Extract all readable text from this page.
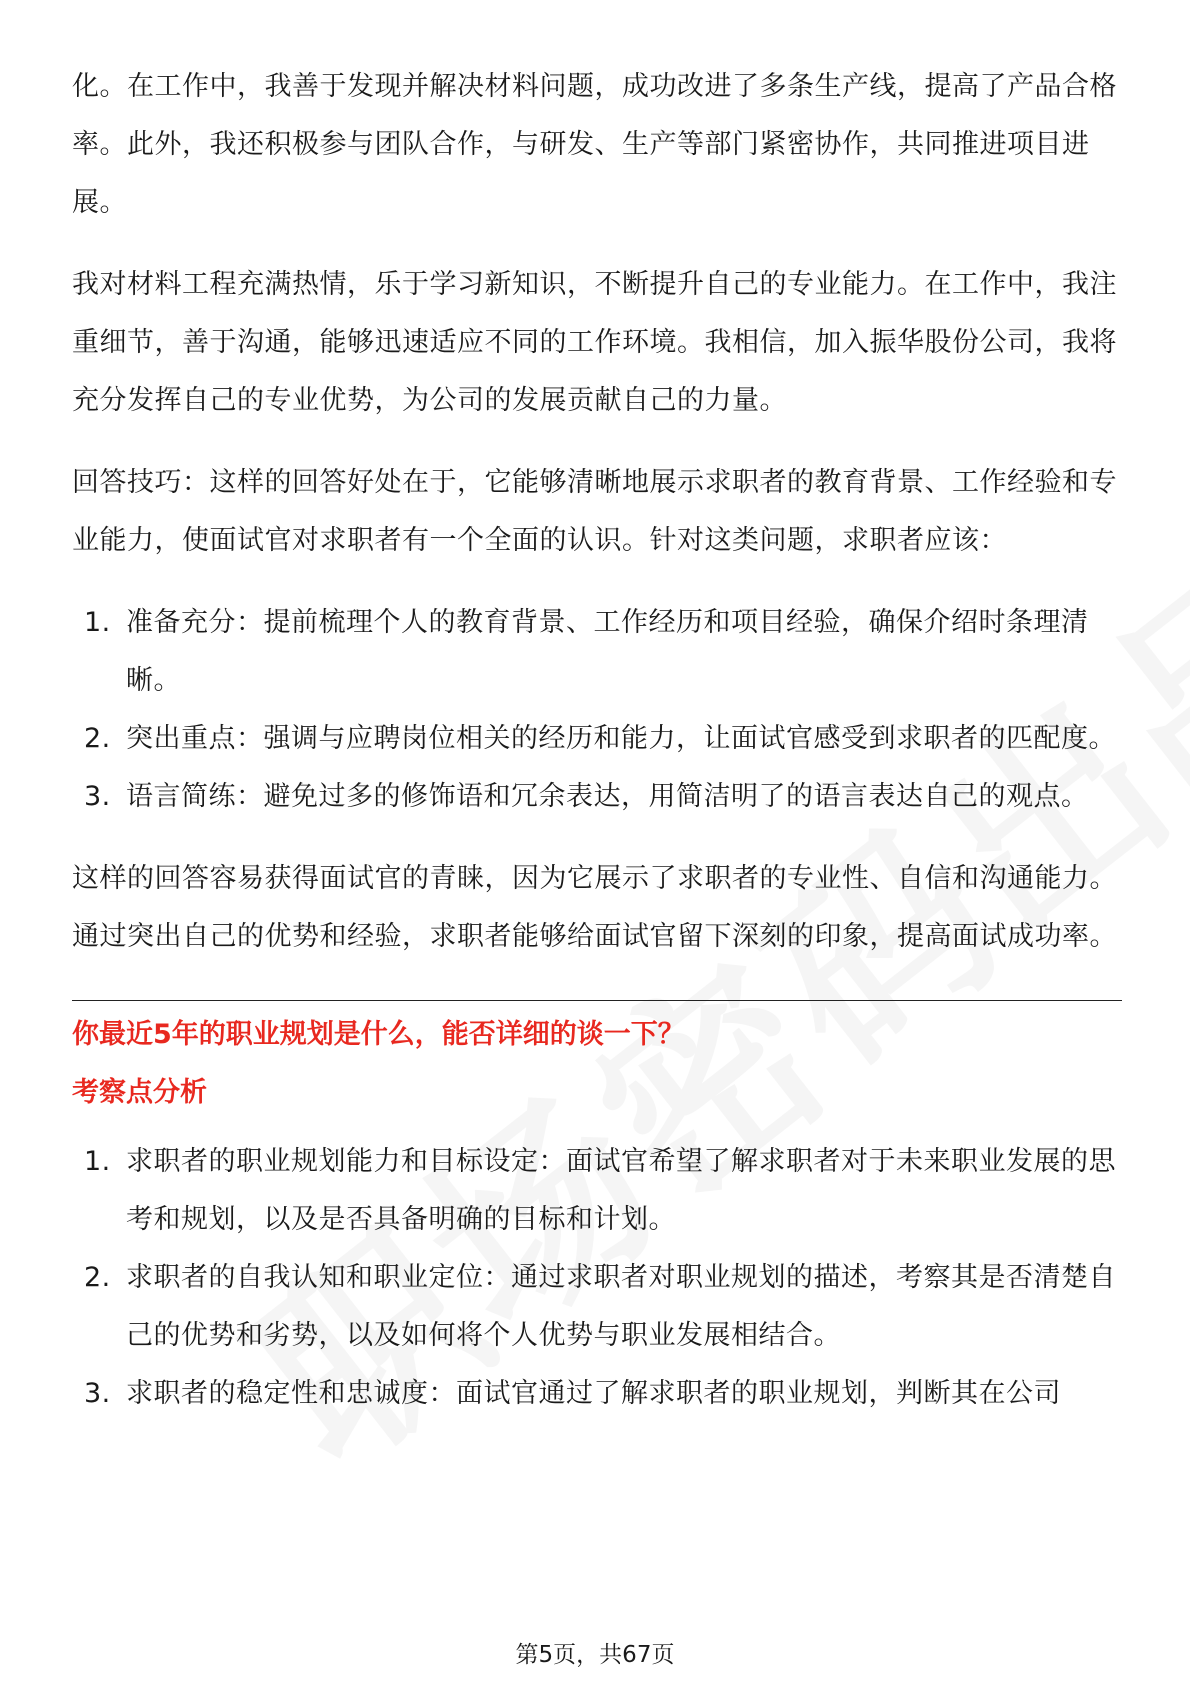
化。在工作中，我善于发现并解决材料问题，成功改进了多条生产线，提高了产品合格率。此外，我还积极参与团队合作，与研发、生产等部门紧密协作，共同推进项目进展。

我对材料工程充满热情，乐于学习新知识，不断提升自己的专业能力。在工作中，我注重细节，善于沟通，能够迅速适应不同的工作环境。我相信，加入振华股份公司，我将充分发挥自己的专业优势，为公司的发展贡献自己的力量。

回答技巧：这样的回答好处在于，它能够清晰地展示求职者的教育背景、工作经验和专业能力，使面试官对求职者有一个全面的认识。针对这类问题，求职者应该：

1. 准备充分：提前梳理个人的教育背景、工作经历和项目经验，确保介绍时条理清晰。
2. 突出重点：强调与应聘岗位相关的经历和能力，让面试官感受到求职者的匹配度。
3. 语言简练：避免过多的修饰语和冗余表达，用简洁明了的语言表达自己的观点。

这样的回答容易获得面试官的青睐，因为它展示了求职者的专业性、自信和沟通能力。通过突出自己的优势和经验，求职者能够给面试官留下深刻的印象，提高面试成功率。

你最近5年的职业规划是什么，能否详细的谈一下？
考察点分析
1. 求职者的职业规划能力和目标设定：面试官希望了解求职者对于未来职业发展的思考和规划，以及是否具备明确的目标和计划。
2. 求职者的自我认知和职业定位：通过求职者对职业规划的描述，考察其是否清楚自己的优势和劣势，以及如何将个人优势与职业发展相结合。
3. 求职者的稳定性和忠诚度：面试官通过了解求职者的职业规划，判断其在公司
第5页，共67页
